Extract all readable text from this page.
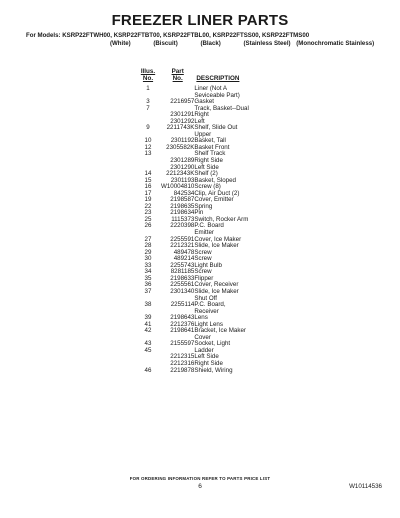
FREEZER LINER PARTS
For Models: KSRP22FTWH00, KSRP22FTBT00, KSRP22FTBL00, KSRP22FTSS00, KSRP22FTMS00
(White)	(Biscuit)	(Black)	(Stainless Steel) (Monochromatic Stainless)
Illus.
No.	Part
No.	DESCRIPTION

1		Liner (Not A
		Seviceable Part)
3	2216957	Gasket
7		Track, Basket--Dual
	2301291	Right
	2301292	Left
9	2211743K	Shelf, Slide Out
		Upper
10	2301192	Basket, Tall
12	2305582K	Basket Front
13		Shelf Track
	2301289	Right Side
	2301290	Left Side
14	2212343K	Shelf (2)
15	2301193	Basket, Sloped
16	W10004810	Screw (8)
17	842534	Clip, Air Duct (2)
19	2198587	Cover, Emitter
22	2198635	Spring
23	2198634	Pin
25	1115373	Switch, Rocker Arm
26	2220398	P.C. Board
		Emitter
27	2255591	Cover, Ice Maker
28	2212321	Slide, Ice Maker
29	489478	Screw
30	489214	Screw
33	2255743	Light Bulb
34	8281185	Screw
35	2198633	Flipper
36	2255561	Cover, Receiver
37	2301340	Slide, Ice Maker
		Shut Off
38	2255114	P.C. Board,
		Receiver
39	2198643	Lens
41	2212376	Light Lens
42	2198641	Bracket, Ice Maker
		Cover
43	2155597	Socket, Light
45		Ladder
	2212315	Left Side
	2212316	Right Side
46	2219878	Shield, Wiring
FOR ORDERING INFORMATION REFER TO PARTS PRICE LIST
6	W10114536
